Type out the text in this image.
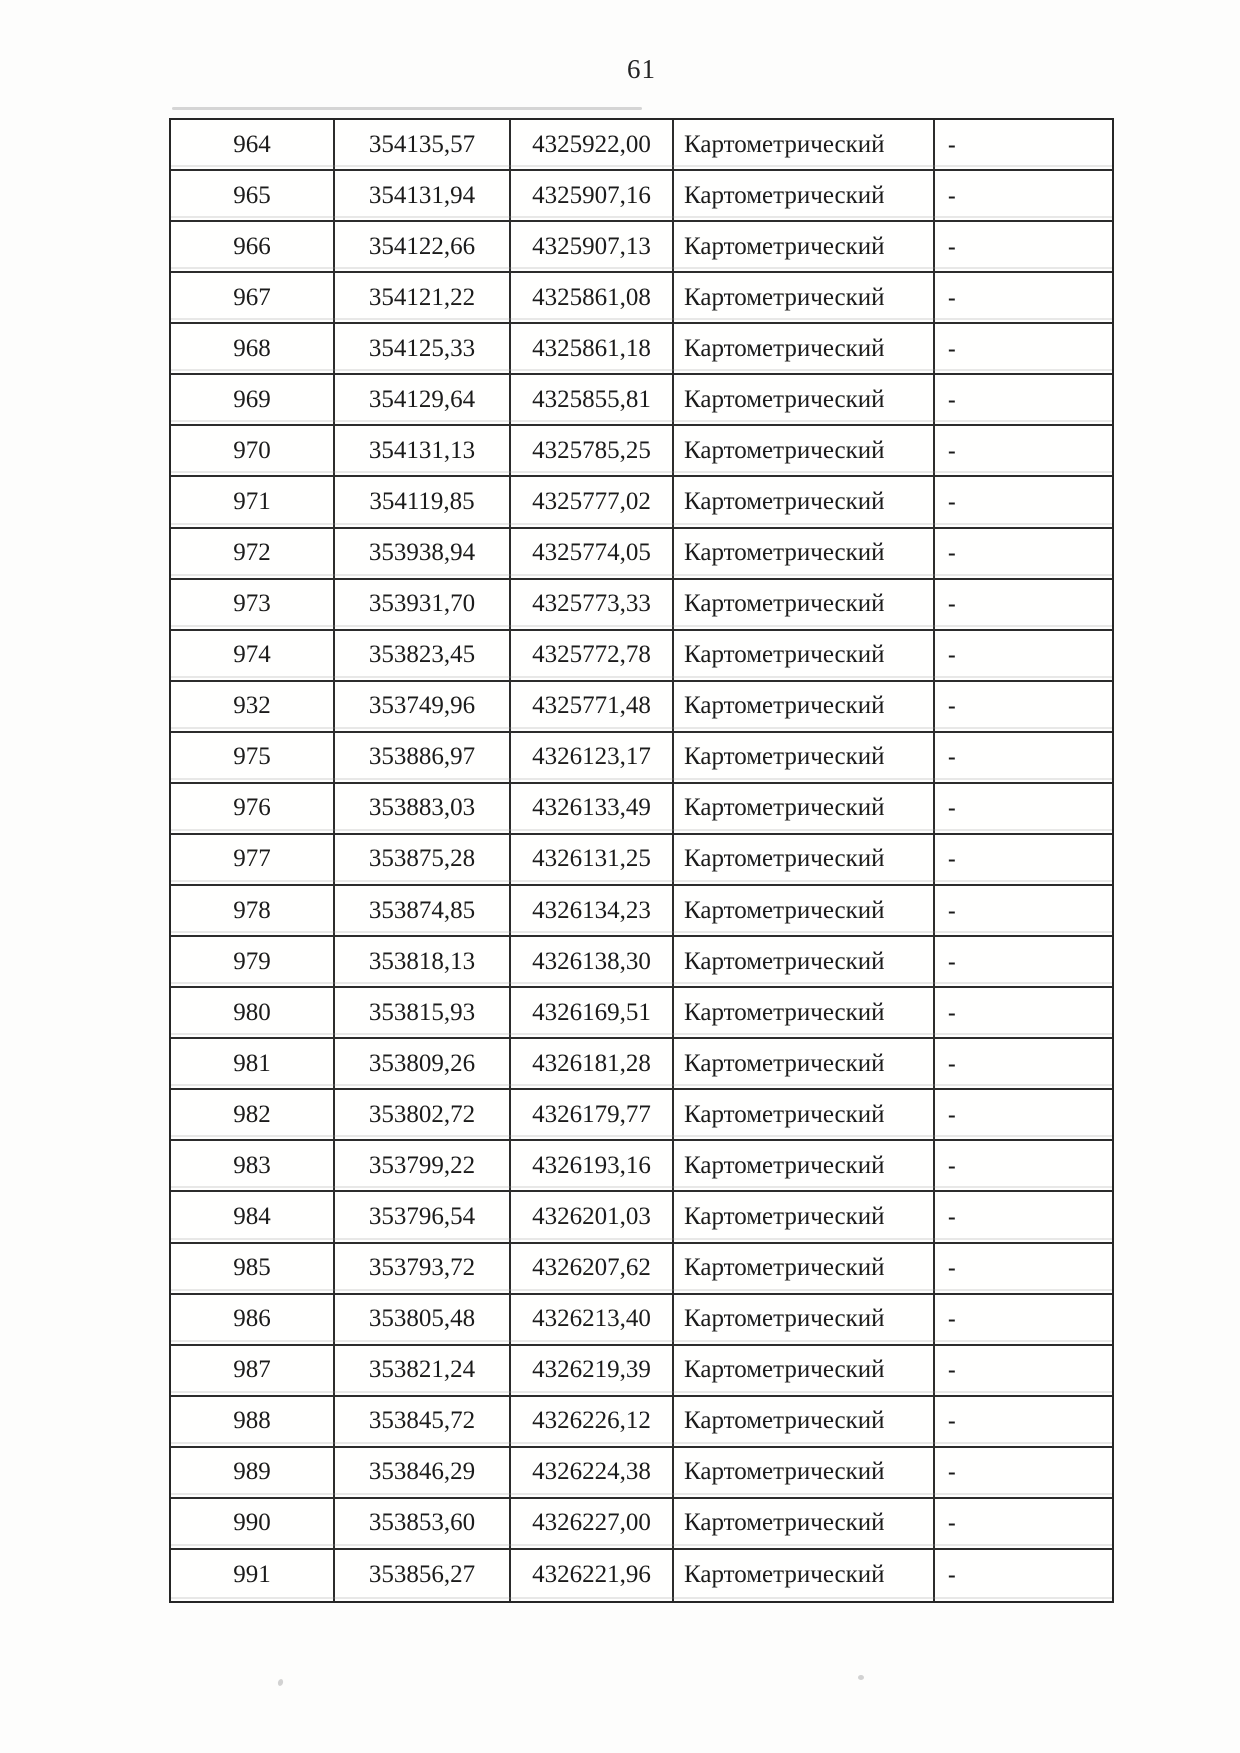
61
964	354135,57	4325922,00	Картометрический	-
965	354131,94	4325907,16	Картометрический	-
966	354122,66	4325907,13	Картометрический	-
967	354121,22	4325861,08	Картометрический	-
968	354125,33	4325861,18	Картометрический	-
969	354129,64	4325855,81	Картометрический	-
970	354131,13	4325785,25	Картометрический	-
971	354119,85	4325777,02	Картометрический	-
972	353938,94	4325774,05	Картометрический	-
973	353931,70	4325773,33	Картометрический	-
974	353823,45	4325772,78	Картометрический	-
932	353749,96	4325771,48	Картометрический	-
975	353886,97	4326123,17	Картометрический	-
976	353883,03	4326133,49	Картометрический	-
977	353875,28	4326131,25	Картометрический	-
978	353874,85	4326134,23	Картометрический	-
979	353818,13	4326138,30	Картометрический	-
980	353815,93	4326169,51	Картометрический	-
981	353809,26	4326181,28	Картометрический	-
982	353802,72	4326179,77	Картометрический	-
983	353799,22	4326193,16	Картометрический	-
984	353796,54	4326201,03	Картометрический	-
985	353793,72	4326207,62	Картометрический	-
986	353805,48	4326213,40	Картометрический	-
987	353821,24	4326219,39	Картометрический	-
988	353845,72	4326226,12	Картометрический	-
989	353846,29	4326224,38	Картометрический	-
990	353853,60	4326227,00	Картометрический	-
991	353856,27	4326221,96	Картометрический	-
